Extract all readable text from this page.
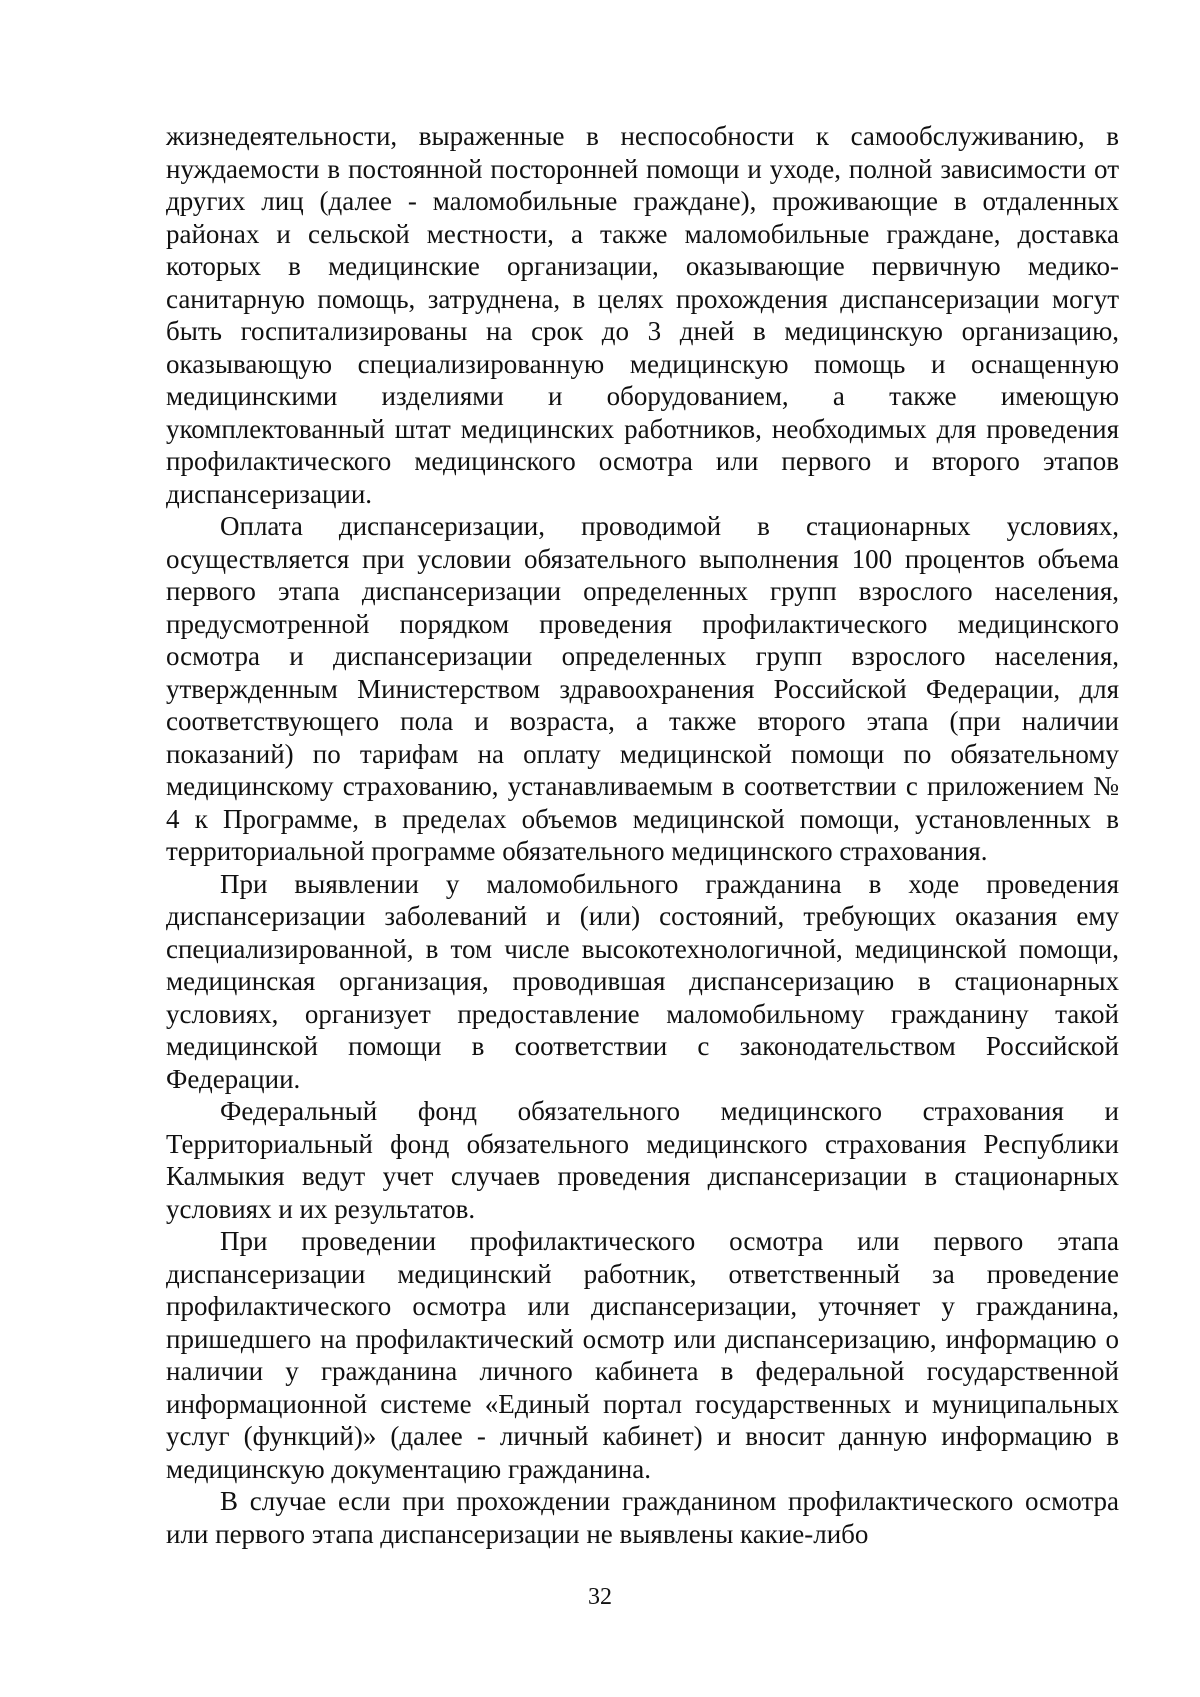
жизнедеятельности, выраженные в неспособности к самообслуживанию, в нуждаемости в постоянной посторонней помощи и уходе, полной зависимости от других лиц (далее - маломобильные граждане), проживающие в отдаленных районах и сельской местности, а также маломобильные граждане, доставка которых в медицинские организации, оказывающие первичную медико-санитарную помощь, затруднена, в целях прохождения диспансеризации могут быть госпитализированы на срок до 3 дней в медицинскую организацию, оказывающую специализированную медицинскую помощь и оснащенную медицинскими изделиями и оборудованием, а также имеющую укомплектованный штат медицинских работников, необходимых для проведения профилактического медицинского осмотра или первого и второго этапов диспансеризации.

Оплата диспансеризации, проводимой в стационарных условиях, осуществляется при условии обязательного выполнения 100 процентов объема первого этапа диспансеризации определенных групп взрослого населения, предусмотренной порядком проведения профилактического медицинского осмотра и диспансеризации определенных групп взрослого населения, утвержденным Министерством здравоохранения Российской Федерации, для соответствующего пола и возраста, а также второго этапа (при наличии показаний) по тарифам на оплату медицинской помощи по обязательному медицинскому страхованию, устанавливаемым в соответствии с приложением № 4 к Программе, в пределах объемов медицинской помощи, установленных в территориальной программе обязательного медицинского страхования.

При выявлении у маломобильного гражданина в ходе проведения диспансеризации заболеваний и (или) состояний, требующих оказания ему специализированной, в том числе высокотехнологичной, медицинской помощи, медицинская организация, проводившая диспансеризацию в стационарных условиях, организует предоставление маломобильному гражданину такой медицинской помощи в соответствии с законодательством Российской Федерации.

Федеральный фонд обязательного медицинского страхования и Территориальный фонд обязательного медицинского страхования Республики Калмыкия ведут учет случаев проведения диспансеризации в стационарных условиях и их результатов.

При проведении профилактического осмотра или первого этапа диспансеризации медицинский работник, ответственный за проведение профилактического осмотра или диспансеризации, уточняет у гражданина, пришедшего на профилактический осмотр или диспансеризацию, информацию о наличии у гражданина личного кабинета в федеральной государственной информационной системе «Единый портал государственных и муниципальных услуг (функций)» (далее - личный кабинет) и вносит данную информацию в медицинскую документацию гражданина.

В случае если при прохождении гражданином профилактического осмотра или первого этапа диспансеризации не выявлены какие-либо

32
